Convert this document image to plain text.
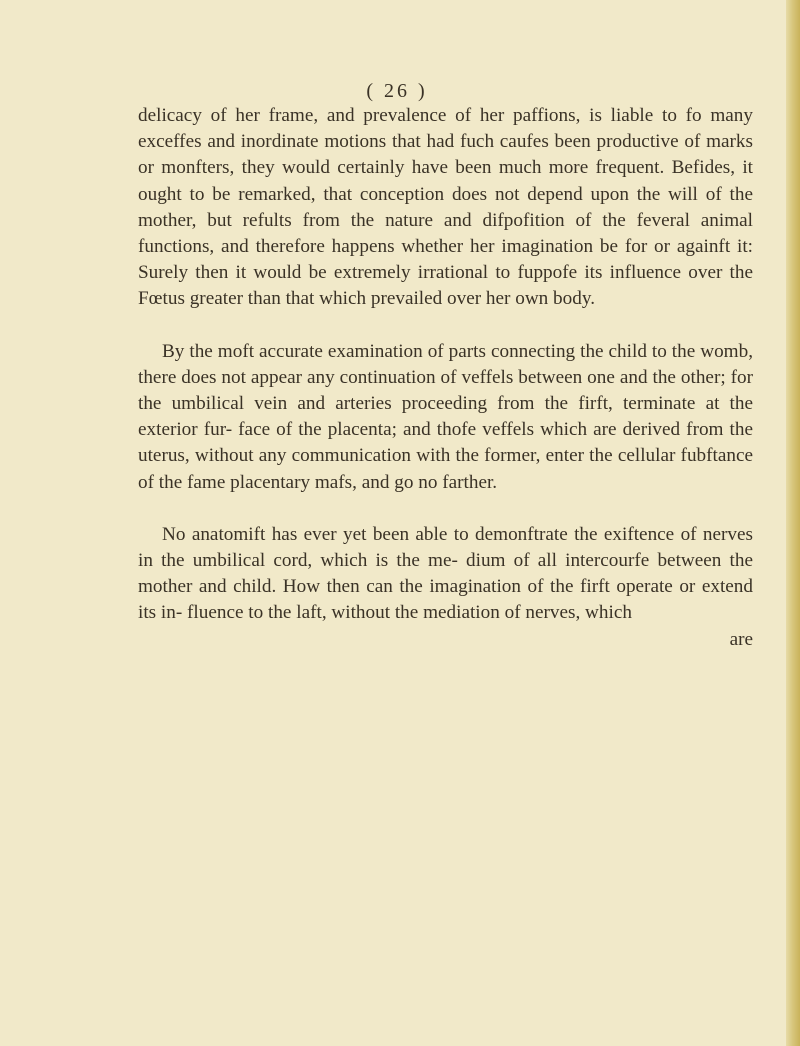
( 26 )

delicacy of her frame, and prevalence of her paffions, is liable to fo many exceffes and inordinate motions that had fuch caufes been productive of marks or monfters, they would certainly have been much more frequent. Befides, it ought to be remarked, that conception does not depend upon the will of the mother, but refults from the nature and difpofition of the feveral animal functions, and therefore happens whether her imagination be for or againft it: Surely then it would be extremely irrational to fuppofe its influence over the Fœtus greater than that which prevailed over her own body.

By the moft accurate examination of parts connecting the child to the womb, there does not appear any continuation of veffels between one and the other; for the umbilical vein and arteries proceeding from the firft, terminate at the exterior fur- face of the placenta; and thofe veffels which are derived from the uterus, without any communication with the former, enter the cellular fubftance of the fame placentary mafs, and go no farther.

No anatomift has ever yet been able to demonftrate the exiftence of nerves in the umbilical cord, which is the me- dium of all intercourfe between the mother and child. How then can the imagination of the firft operate or extend its in- fluence to the laft, without the mediation of nerves, which

are
